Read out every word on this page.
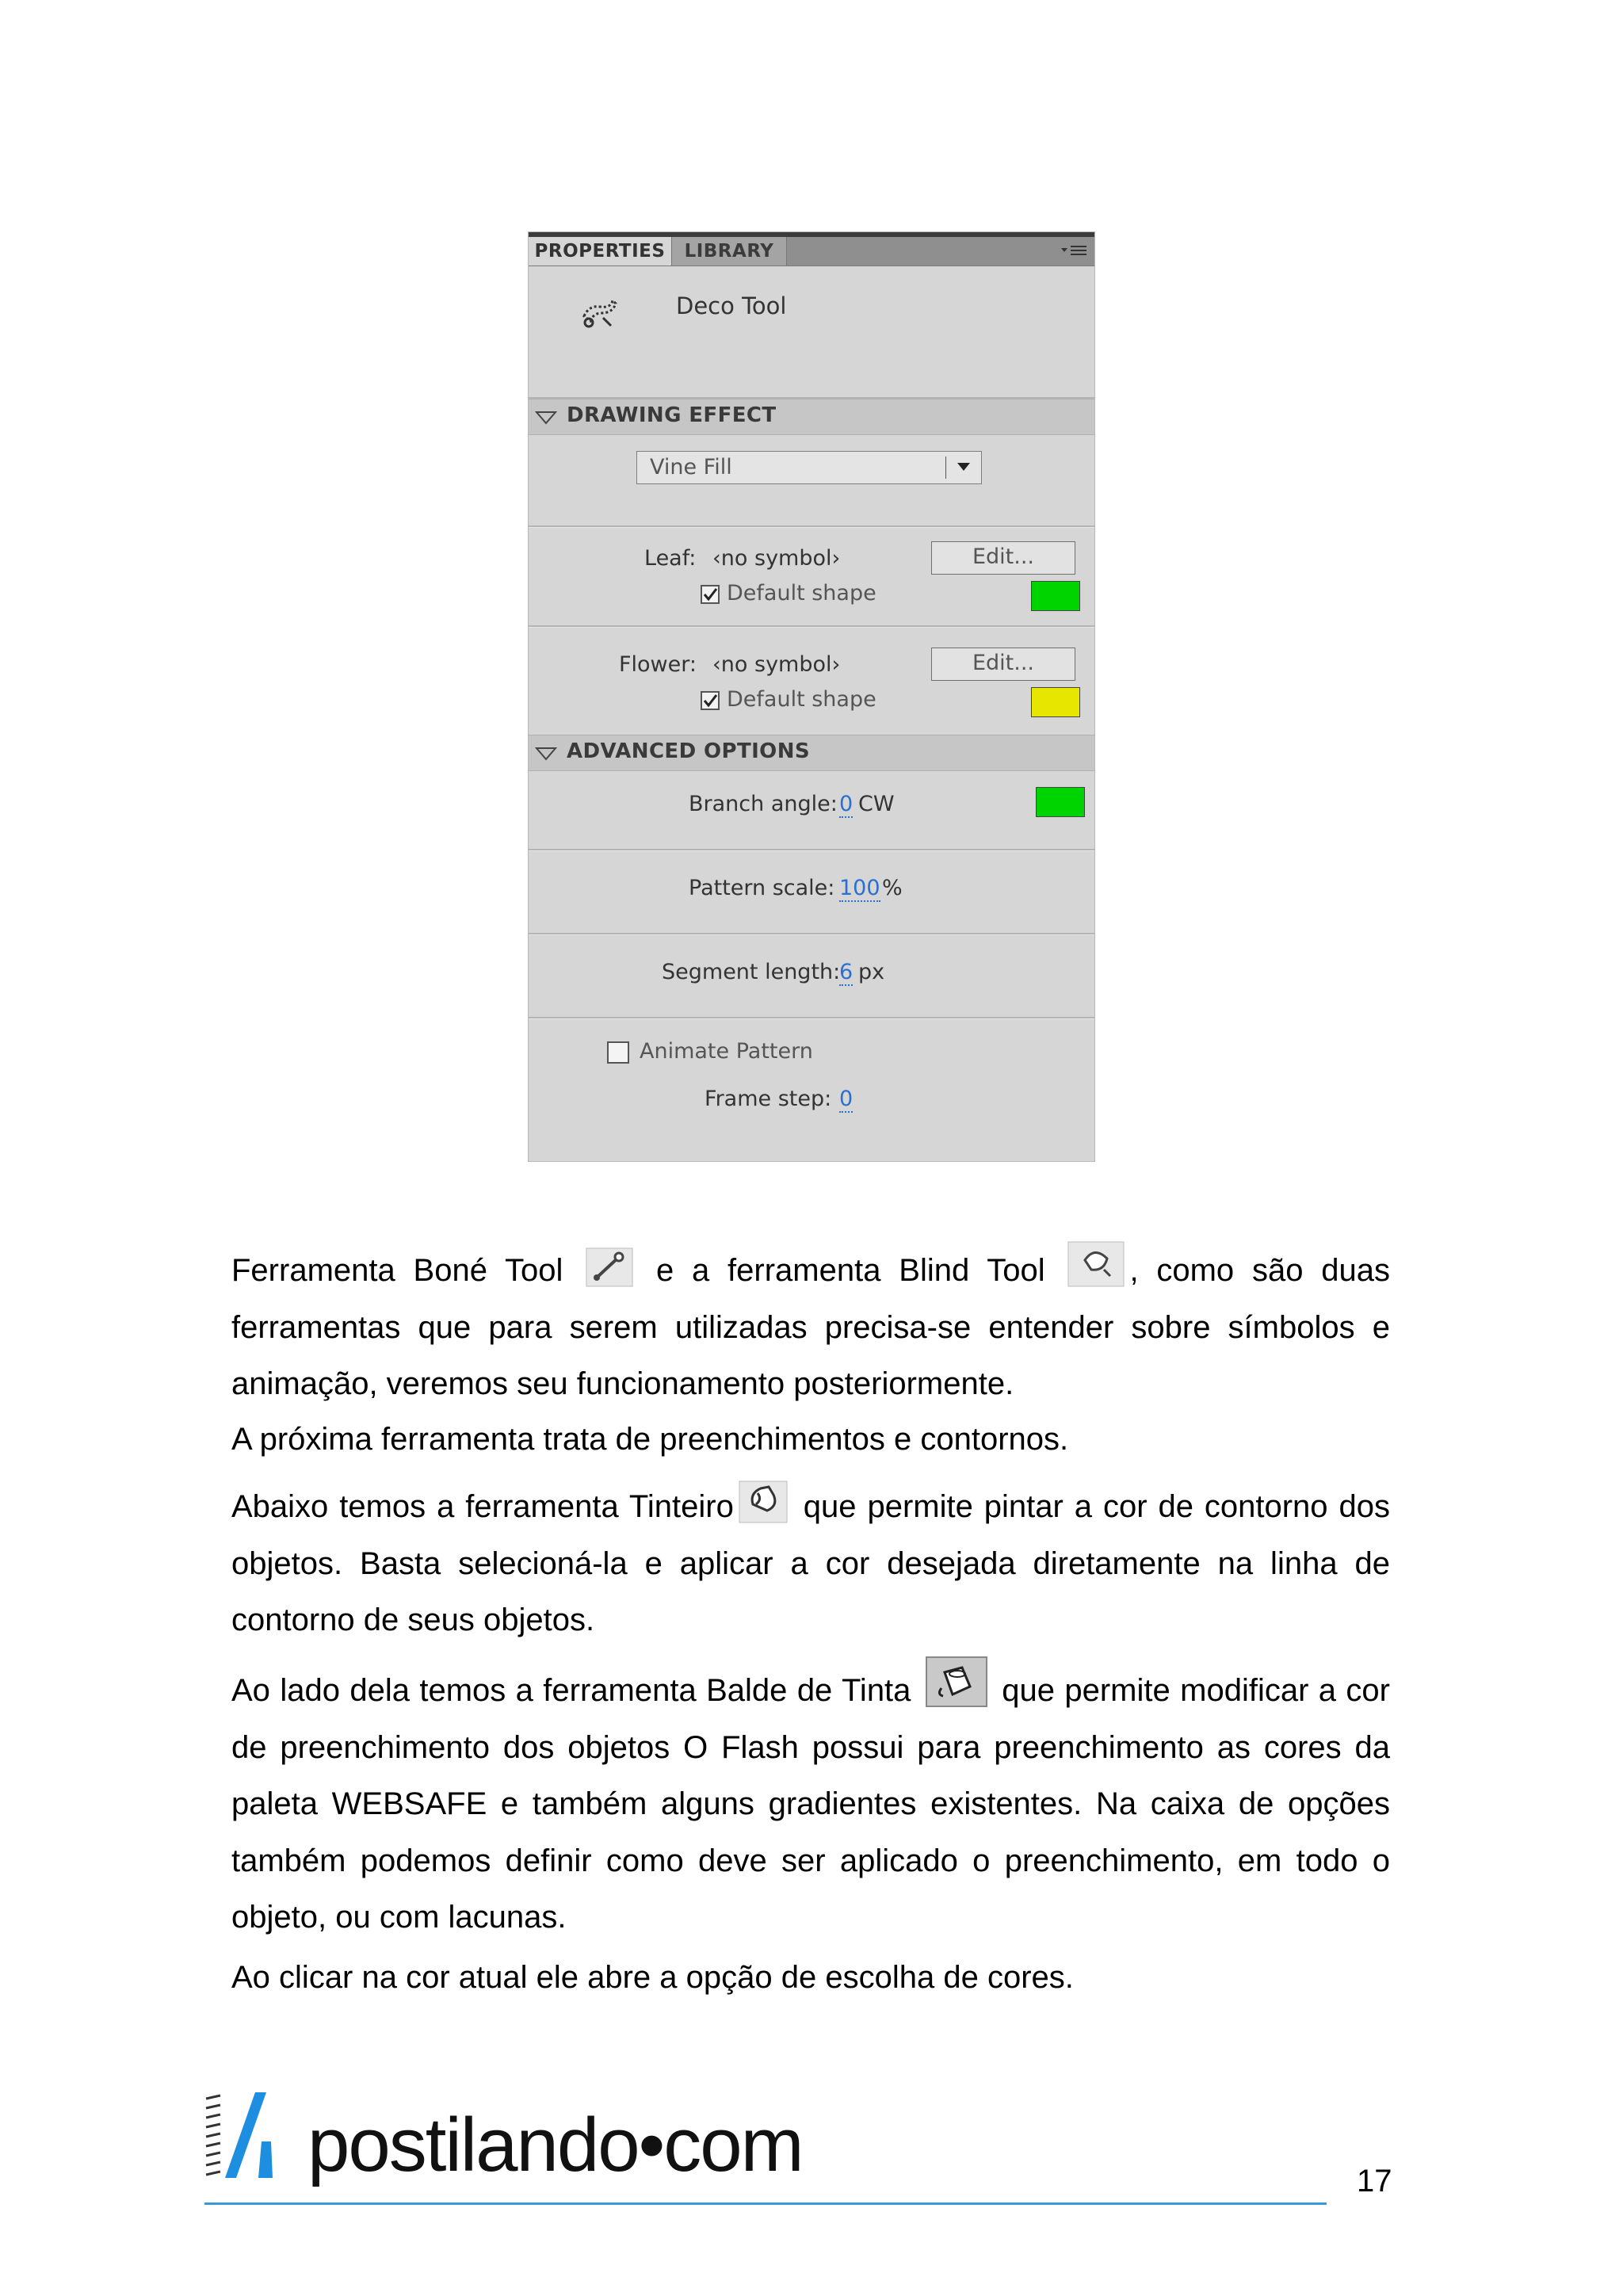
PROPERTIES	LIBRARY
Deco Tool
DRAWING EFFECT
Vine Fill
Leaf: ‹no symbol›	Edit...
Default shape
Flower: ‹no symbol›	Edit...
Default shape
ADVANCED OPTIONS
Branch angle: 0 CW
Pattern scale: 100 %
Segment length:
6 px
Animate Pattern
Frame step: 0
Ferramenta Boné Tool	e a ferramenta Blind Tool	, como são duas ferramentas que para serem utilizadas precisa-se entender sobre símbolos e animação, veremos seu funcionamento posteriormente.
A próxima ferramenta trata de preenchimentos e contornos.
Abaixo temos a ferramenta Tinteiro que permite pintar a cor de contorno dos objetos. Basta selecioná-la e aplicar a cor desejada diretamente na linha de contorno de seus objetos.
Ao lado dela temos a ferramenta Balde de Tinta	que permite modificar a cor de preenchimento dos objetos O Flash possui para preenchimento as cores da paleta WEBSAFE e também alguns gradientes existentes. Na caixa de opções também podemos definir como deve ser aplicado o preenchimento, em todo o objeto, ou com lacunas.
Ao clicar na cor atual ele abre a opção de escolha de cores.
postilando•com	17
